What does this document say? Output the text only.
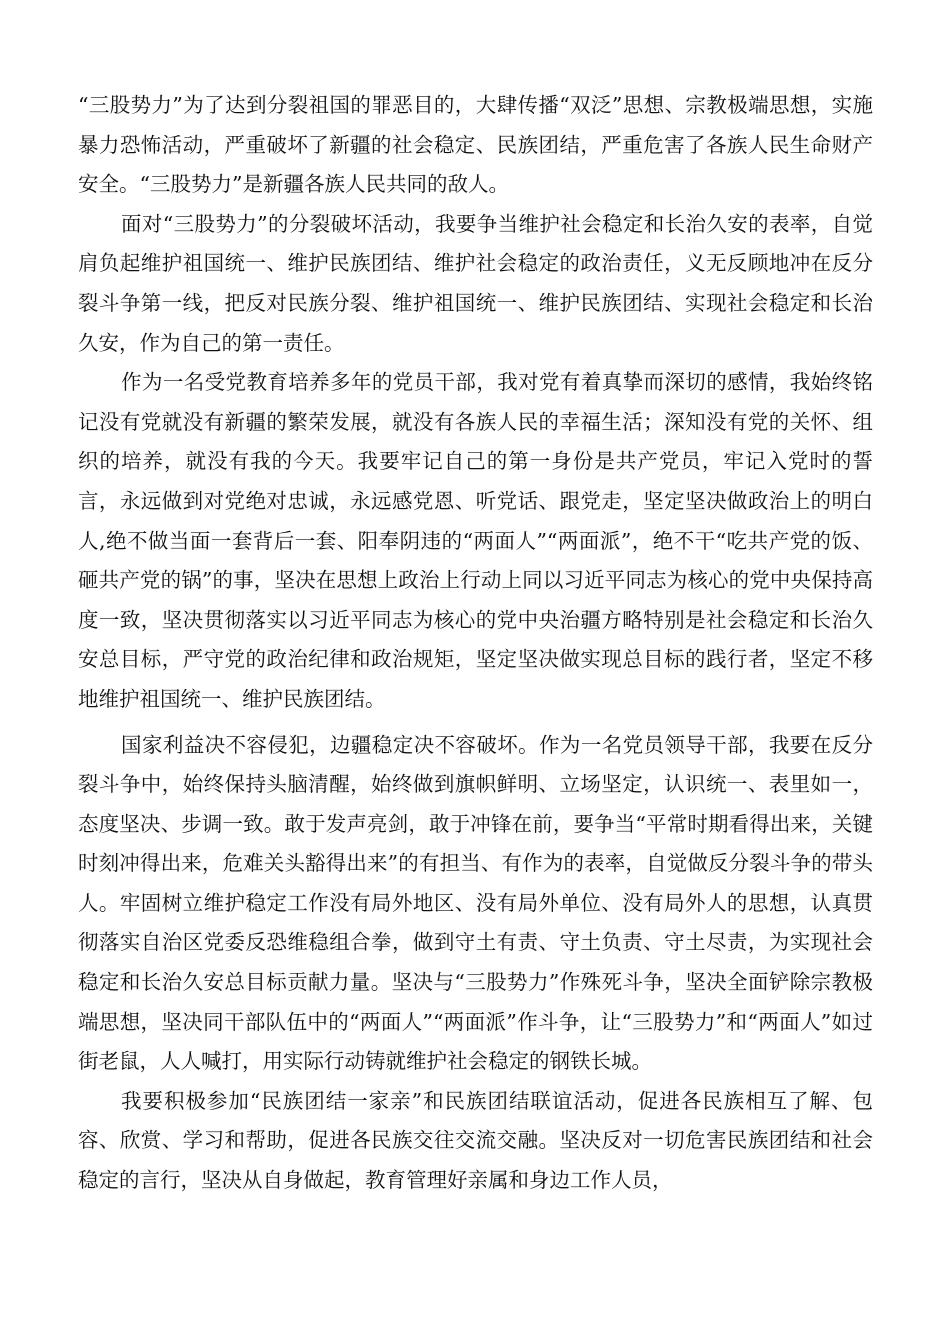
“三股势力”为了达到分裂祖国的罪恶目的，大肆传播“双泛”思想、宗教极端思想，实施暴力恐怖活动，严重破坏了新疆的社会稳定、民族团结，严重危害了各族人民生命财产安全。“三股势力”是新疆各族人民共同的敌人。

面对“三股势力”的分裂破坏活动，我要争当维护社会稳定和长治久安的表率，自觉肩负起维护祖国统一、维护民族团结、维护社会稳定的政治责任，义无反顾地冲在反分裂斗争第一线，把反对民族分裂、维护祖国统一、维护民族团结、实现社会稳定和长治久安，作为自己的第一责任。

作为一名受党教育培养多年的党员干部，我对党有着真挚而深切的感情，我始终铭记没有党就没有新疆的繁荣发展，就没有各族人民的幸福生活；深知没有党的关怀、组织的培养，就没有我的今天。我要牢记自己的第一身份是共产党员，牢记入党时的誓言，永远做到对党绝对忠诚，永远感党恩、听党话、跟党走，坚定坚决做政治上的明白人,绝不做当面一套背后一套、阳奉阴违的“两面人”“两面派”，绝不干“吃共产党的饭、砸共产党的锅”的事，坚决在思想上政治上行动上同以习近平同志为核心的党中央保持高度一致，坚决贯彻落实以习近平同志为核心的党中央治疆方略特别是社会稳定和长治久安总目标，严守党的政治纪律和政治规矩，坚定坚决做实现总目标的践行者，坚定不移地维护祖国统一、维护民族团结。

国家利益决不容侵犯，边疆稳定决不容破坏。作为一名党员领导干部，我要在反分裂斗争中，始终保持头脑清醒，始终做到旗帜鲜明、立场坚定，认识统一、表里如一，态度坚决、步调一致。敢于发声亮剑，敢于冲锋在前，要争当“平常时期看得出来，关键时刻冲得出来，危难关头豁得出来”的有担当、有作为的表率，自觉做反分裂斗争的带头人。牢固树立维护稳定工作没有局外地区、没有局外单位、没有局外人的思想，认真贯彻落实自治区党委反恐维稳组合拳，做到守土有责、守土负责、守土尽责，为实现社会稳定和长治久安总目标贡献力量。坚决与“三股势力”作殊死斗争，坚决全面铲除宗教极端思想，坚决同干部队伍中的“两面人”“两面派”作斗争，让“三股势力”和“两面人”如过街老鼠，人人喊打，用实际行动铸就维护社会稳定的钢铁长城。

我要积极参加“民族团结一家亲”和民族团结联谊活动，促进各民族相互了解、包容、欣赏、学习和帮助，促进各民族交往交流交融。坚决反对一切危害民族团结和社会稳定的言行，坚决从自身做起，教育管理好亲属和身边工作人员，
